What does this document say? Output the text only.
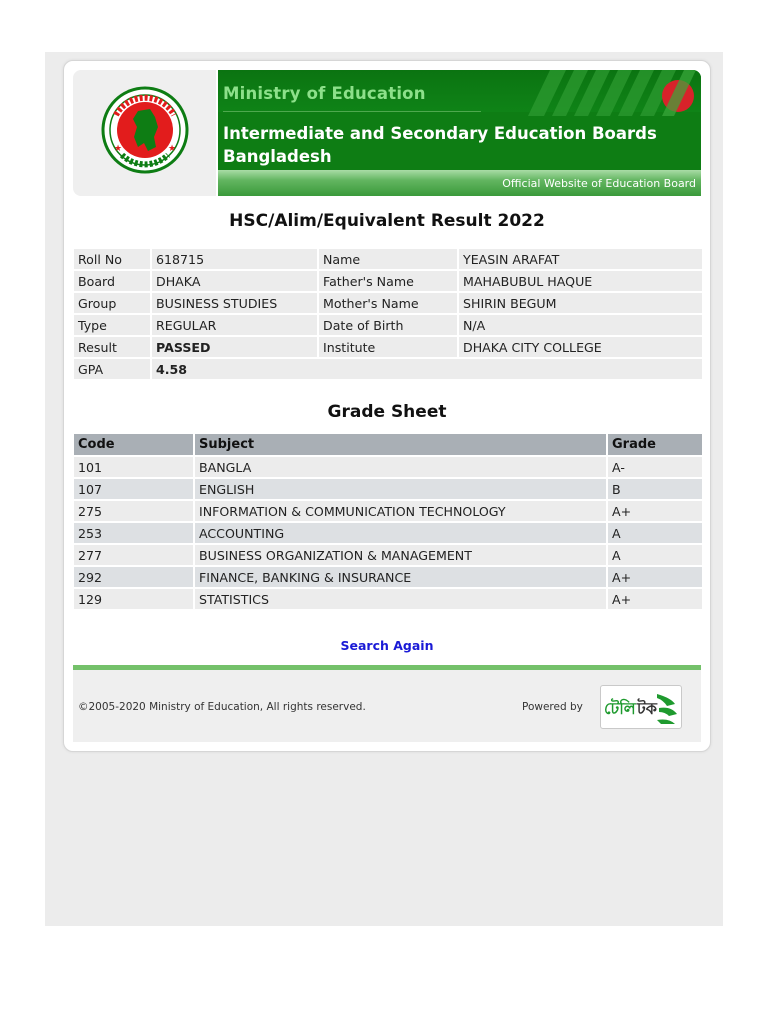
★	★
Ministry of Education
Intermediate and Secondary Education Boards Bangladesh
Official Website of Education Board
HSC/Alim/Equivalent Result 2022
Roll No	618715	Name	YEASIN ARAFAT
Board	DHAKA	Father's Name	MAHABUBUL HAQUE
Group	BUSINESS STUDIES	Mother's Name	SHIRIN BEGUM
Type	REGULAR	Date of Birth	N/A
Result	PASSED	Institute	DHAKA CITY COLLEGE
GPA	4.58		
Grade Sheet
Code	Subject	Grade
101	BANGLA	A-
107	ENGLISH	B
275	INFORMATION & COMMUNICATION TECHNOLOGY	A+
253	ACCOUNTING	A
277	BUSINESS ORGANIZATION & MANAGEMENT	A
292	FINANCE, BANKING & INSURANCE	A+
129	STATISTICS	A+
Search Again
©2005-2020 Ministry of Education, All rights reserved.	Powered by টেলি টক
